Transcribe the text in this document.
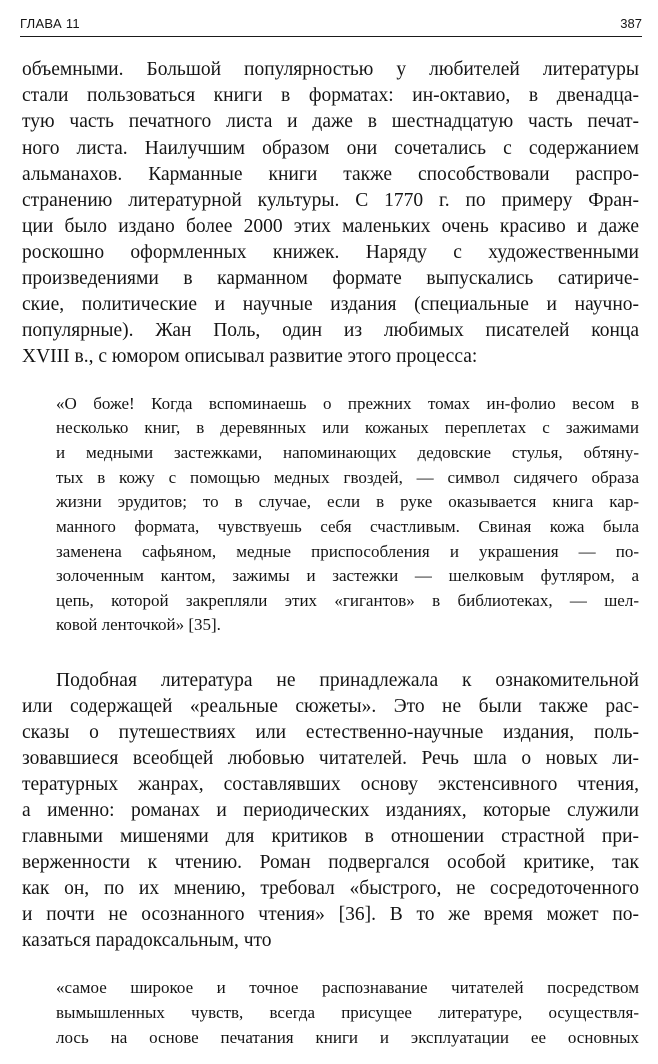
ГЛАВА 11	387
объемными. Большой популярностью у любителей литературы
стали пользоваться книги в форматах: ин-октавио, в двенадца-
тую часть печатного листа и даже в шестнадцатую часть печат-
ного листа. Наилучшим образом они сочетались с содержанием
альманахов. Карманные книги также способствовали распро-
странению литературной культуры. С 1770 г. по примеру Фран-
ции было издано более 2000 этих маленьких очень красиво и даже
роскошно оформленных книжек. Наряду с художественными
произведениями в карманном формате выпускались сатириче-
ские, политические и научные издания (специальные и научно-
популярные). Жан Поль, один из любимых писателей конца
XVIII в., с юмором описывал развитие этого процесса:
«О боже! Когда вспоминаешь о прежних томах ин-фолио весом в
несколько книг, в деревянных или кожаных переплетах с зажимами
и медными застежками, напоминающих дедовские стулья, обтяну-
тых в кожу с помощью медных гвоздей, — символ сидячего образа
жизни эрудитов; то в случае, если в руке оказывается книга кар-
манного формата, чувствуешь себя счастливым. Свиная кожа была
заменена сафьяном, медные приспособления и украшения — по-
золоченным кантом, зажимы и застежки — шелковым футляром, а
цепь, которой закрепляли этих «гигантов» в библиотеках, — шел-
ковой ленточкой» [35].
Подобная литература не принадлежала к ознакомительной
или содержащей «реальные сюжеты». Это не были также рас-
сказы о путешествиях или естественно-научные издания, поль-
зовавшиеся всеобщей любовью читателей. Речь шла о новых ли-
тературных жанрах, составлявших основу экстенсивного чтения,
а именно: романах и периодических изданиях, которые служили
главными мишенями для критиков в отношении страстной при-
верженности к чтению. Роман подвергался особой критике, так
как он, по их мнению, требовал «быстрого, не сосредоточенного
и почти не осознанного чтения» [36]. В то же время может по-
казаться парадоксальным, что
«самое широкое и точное распознавание читателей посредством
вымышленных чувств, всегда присущее литературе, осуществля-
лось на основе печатания книги и эксплуатации ее основных
